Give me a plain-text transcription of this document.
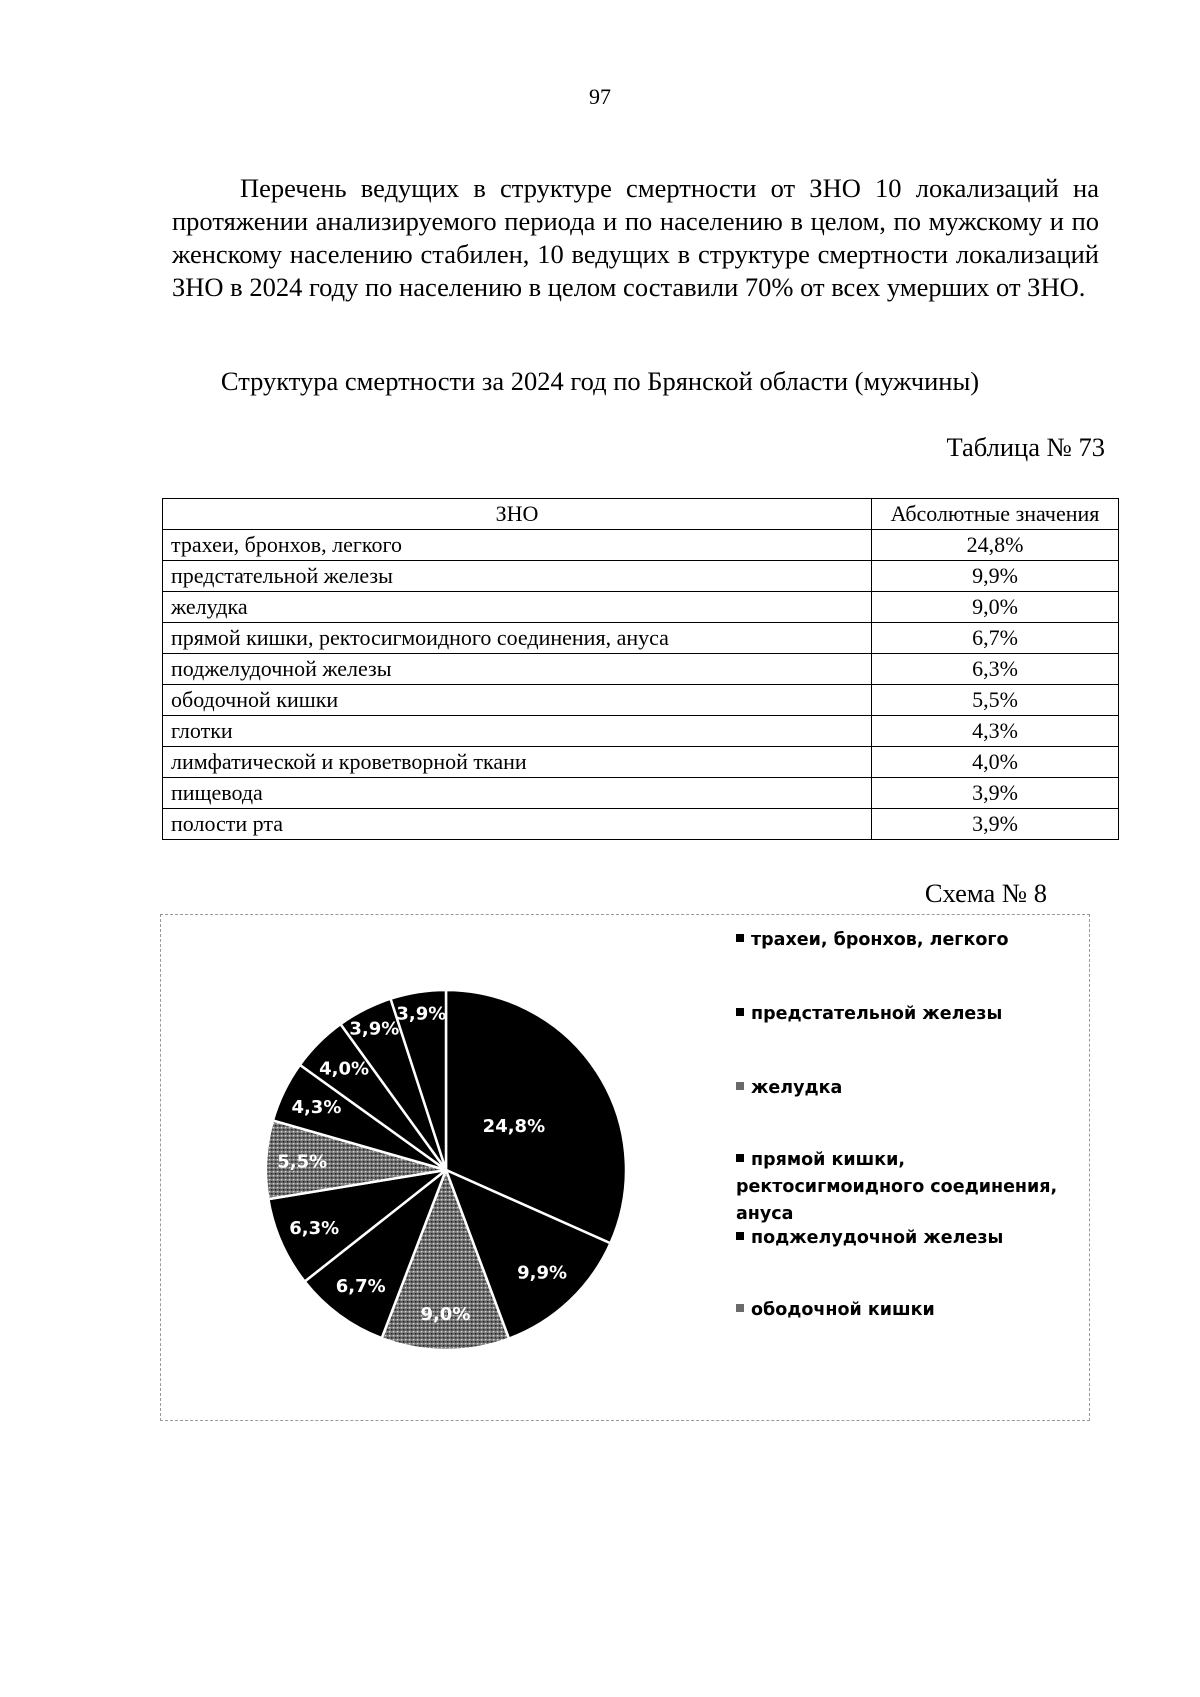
97
Перечень ведущих в структуре смертности от ЗНО 10 локализаций на протяжении анализируемого периода и по населению в целом, по мужскому и по женскому населению стабилен, 10 ведущих в структуре смертности локализаций ЗНО в 2024 году по населению в целом составили 70% от всех умерших от ЗНО.
Структура смертности за 2024 год по Брянской области (мужчины)
Таблица № 73
ЗНО	Абсолютные значения
трахеи, бронхов, легкого	24,8%
предстательной железы	9,9%
желудка	9,0%
прямой кишки, ректосигмоидного соединения, ануса	6,7%
поджелудочной железы	6,3%
ободочной кишки	5,5%
глотки	4,3%
лимфатической и кроветворной ткани	4,0%
пищевода	3,9%
полости рта	3,9%
Схема № 8
24,8%
9,9%
9,0%
6,7%
6,3%
5,5%
4,3%
4,0%
3,9%
3,9%
трахеи, бронхов, легкого
предстательной железы
желудка
прямой кишки, ректосигмоидного соединения, ануса
поджелудочной железы
ободочной кишки
